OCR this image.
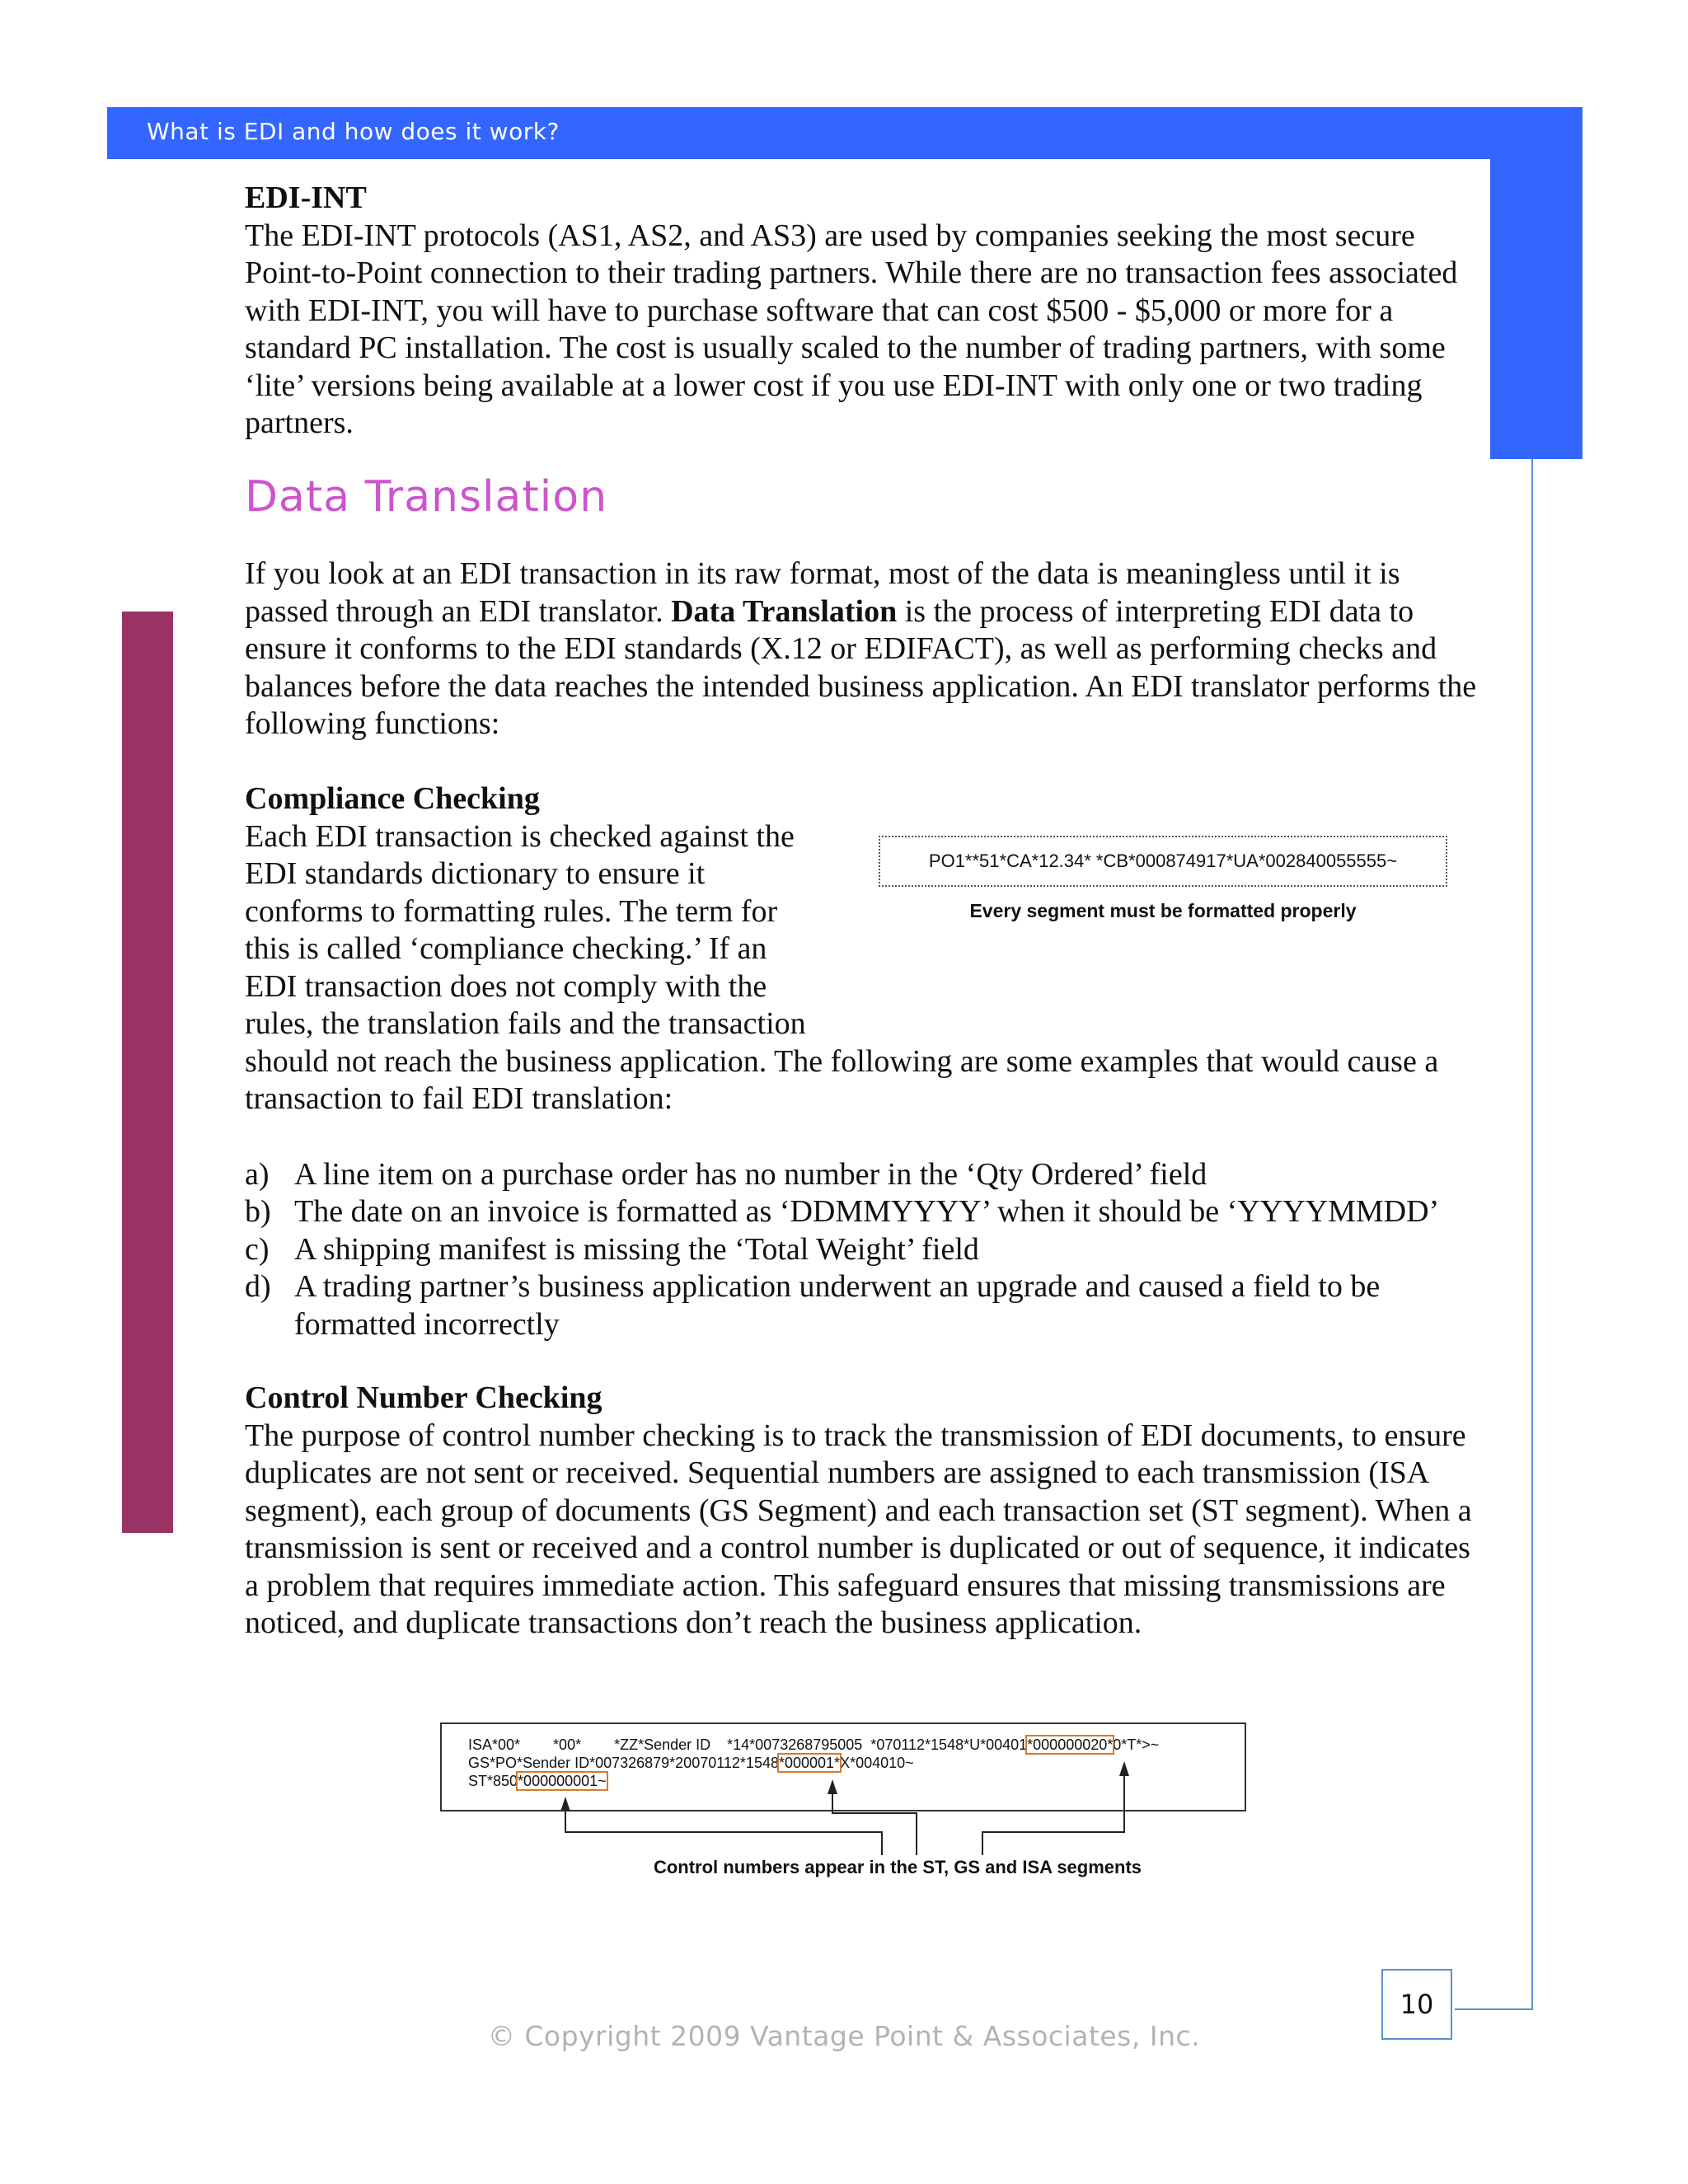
What is EDI and how does it work?

EDI-INT

The EDI-INT protocols (AS1, AS2, and AS3) are used by companies seeking the most secure Point-to-Point connection to their trading partners. While there are no transaction fees associated with EDI-INT, you will have to purchase software that can cost $500 - $5,000 or more for a standard PC installation. The cost is usually scaled to the number of trading partners, with some ‘lite’ versions being available at a lower cost if you use EDI-INT with only one or two trading partners.

Data Translation

If you look at an EDI transaction in its raw format, most of the data is meaningless until it is passed through an EDI translator. Data Translation is the process of interpreting EDI data to ensure it conforms to the EDI standards (X.12 or EDIFACT), as well as performing checks and balances before the data reaches the intended business application. An EDI translator performs the following functions:

Compliance Checking

Each EDI transaction is checked against the
EDI standards dictionary to ensure it
conforms to formatting rules. The term for
this is called ‘compliance checking.’ If an
EDI transaction does not comply with the
rules, the translation fails and the transaction

should not reach the business application. The following are some examples that would cause a transaction to fail EDI translation:

PO1**51*CA*12.34* *CB*000874917*UA*002840055555~
Every segment must be formatted properly
a) A line item on a purchase order has no number in the ‘Qty Ordered’ field
b) The date on an invoice is formatted as ‘DDMMYYYY’ when it should be ‘YYYYMMDD’
c) A shipping manifest is missing the ‘Total Weight’ field
d) A trading partner’s business application underwent an upgrade and caused a field to be formatted incorrectly

Control Number Checking

The purpose of control number checking is to track the transmission of EDI documents, to ensure duplicates are not sent or received. Sequential numbers are assigned to each transmission (ISA segment), each group of documents (GS Segment) and each transaction set (ST segment). When a transmission is sent or received and a control number is duplicated or out of sequence, it indicates a problem that requires immediate action. This safeguard ensures that missing transmissions are noticed, and duplicate transactions don’t reach the business application.

ISA*00*        *00*        *ZZ*Sender ID    *14*0073268795005  *070112*1548*U*00401*000000020*0*T*>~
GS*PO*Sender ID*007326879*20070112*1548*000001*X*004010~
ST*850*000000001~
Control numbers appear in the ST, GS and ISA segments
10
© Copyright 2009 Vantage Point & Associates, Inc.
